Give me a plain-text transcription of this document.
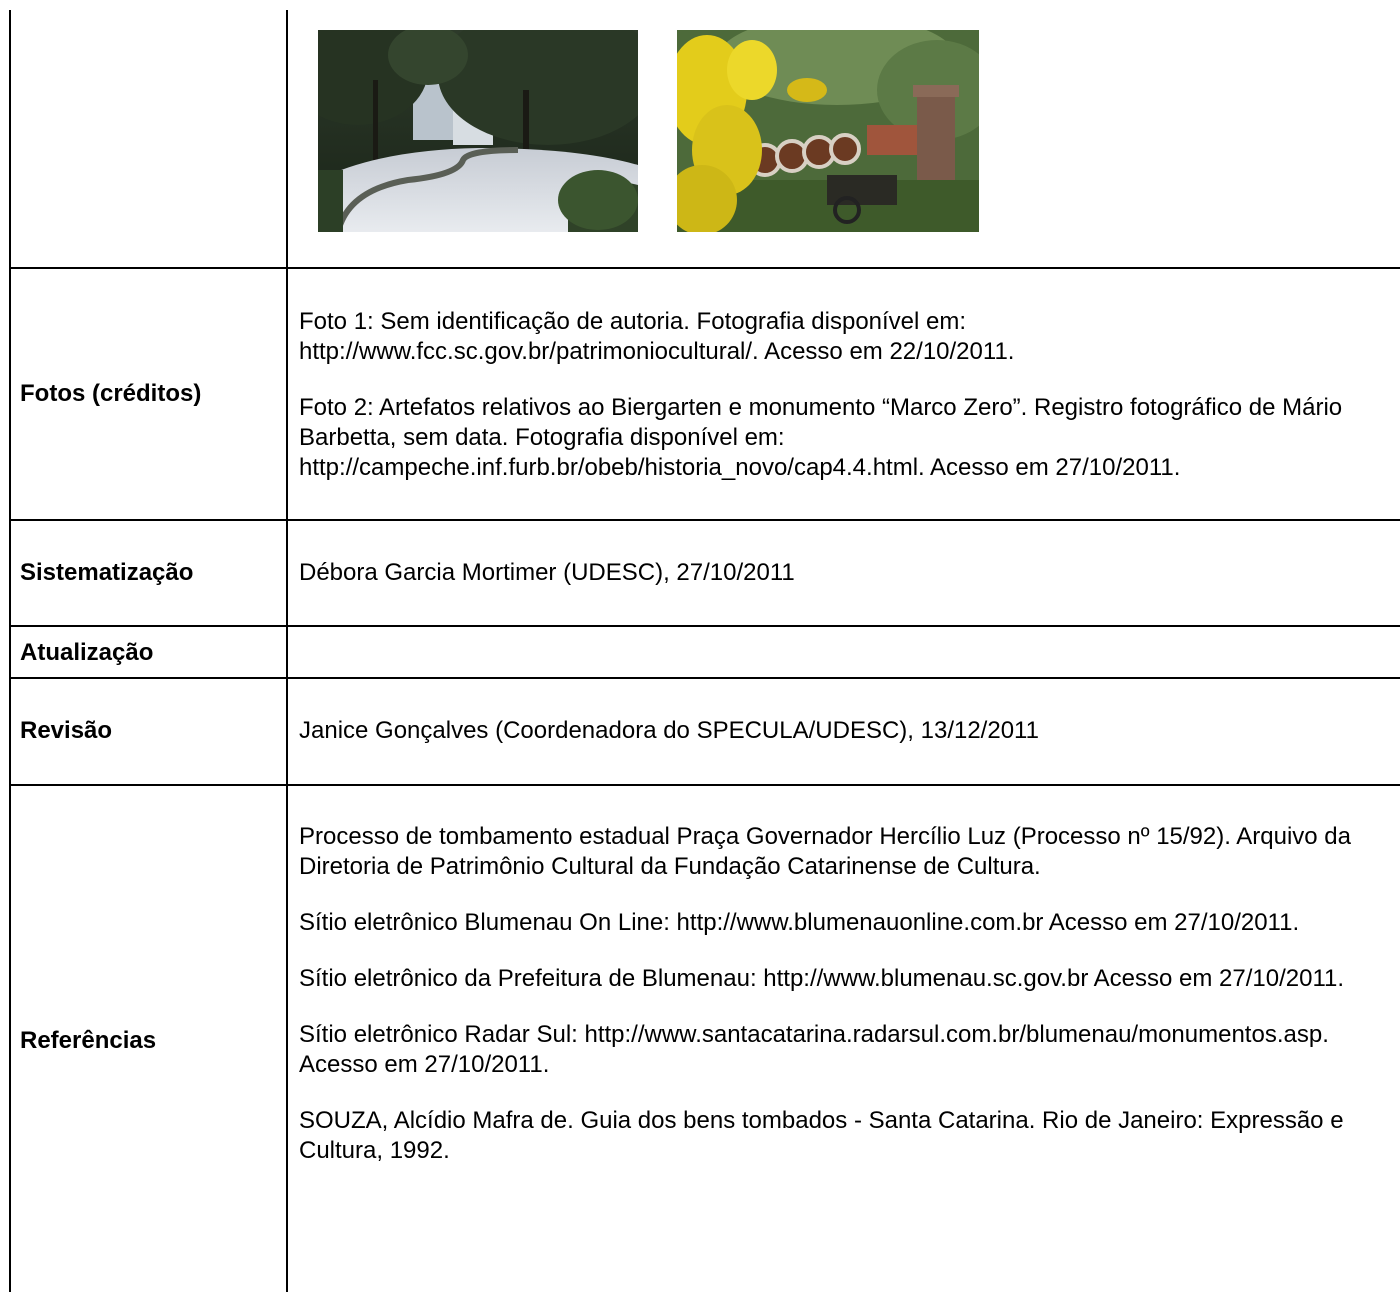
Fotos (créditos)

Foto 1: Sem identificação de autoria. Fotografia disponível em: http://www.fcc.sc.gov.br/patrimoniocultural/. Acesso em 22/10/2011.

Foto 2: Artefatos relativos ao Biergarten e monumento “Marco Zero”. Registro fotográfico de Mário Barbetta, sem data. Fotografia disponível em: http://campeche.inf.furb.br/obeb/historia_novo/cap4.4.html. Acesso em 27/10/2011.

Sistematização	Débora Garcia Mortimer (UDESC), 27/10/2011
Atualização
Revisão	Janice Gonçalves (Coordenadora do SPECULA/UDESC), 13/12/2011
Referências

Processo de tombamento estadual Praça Governador Hercílio Luz (Processo nº 15/92). Arquivo da Diretoria de Patrimônio Cultural da Fundação Catarinense de Cultura.

Sítio eletrônico Blumenau On Line: http://www.blumenauonline.com.br Acesso em 27/10/2011.

Sítio eletrônico da Prefeitura de Blumenau: http://www.blumenau.sc.gov.br Acesso em 27/10/2011.

Sítio eletrônico Radar Sul: http://www.santacatarina.radarsul.com.br/blumenau/monumentos.asp. Acesso em 27/10/2011.

SOUZA, Alcídio Mafra de. Guia dos bens tombados - Santa Catarina. Rio de Janeiro: Expressão e Cultura, 1992.
